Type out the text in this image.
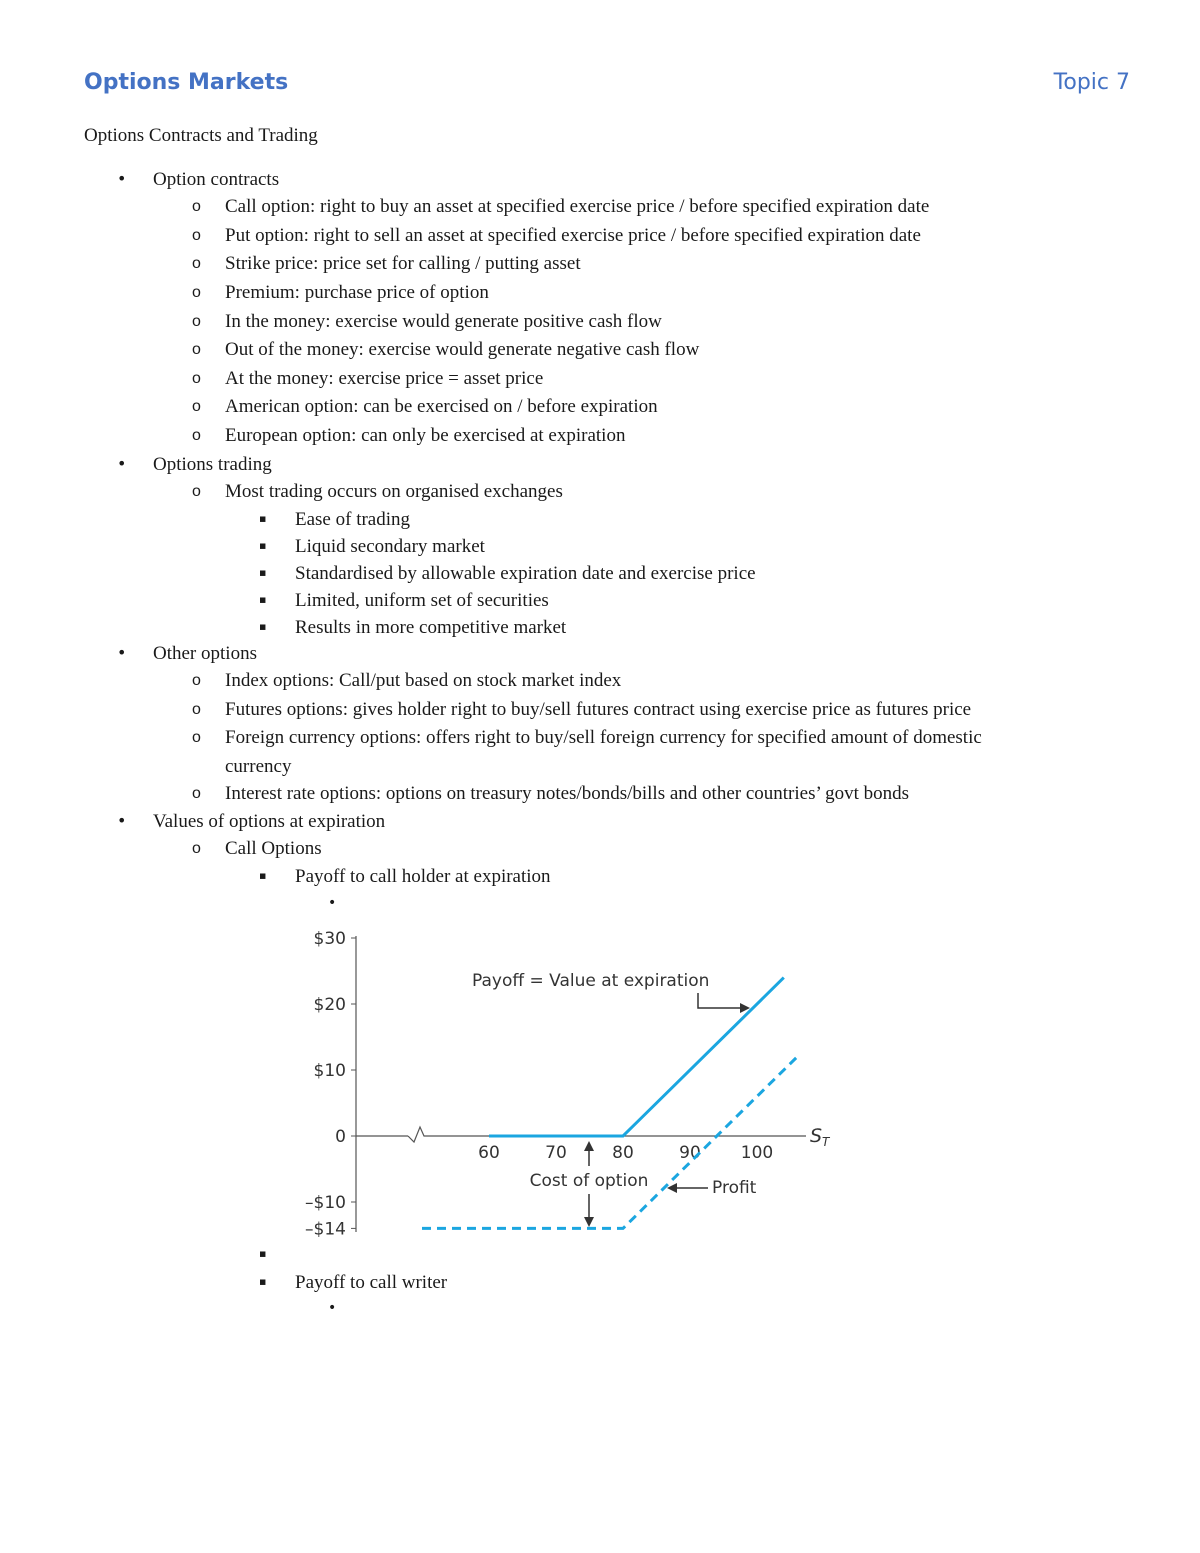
Options Markets	Topic 7
Options Contracts and Trading
• Option contracts
o Call option: right to buy an asset at specified exercise price / before specified expiration date
o Put option: right to sell an asset at specified exercise price / before specified expiration date
o Strike price: price set for calling / putting asset
o Premium: purchase price of option
o In the money: exercise would generate positive cash flow
o Out of the money: exercise would generate negative cash flow
o At the money: exercise price = asset price
o American option: can be exercised on / before expiration
o European option: can only be exercised at expiration
• Options trading
o Most trading occurs on organised exchanges
▪ Ease of trading
▪ Liquid secondary market
▪ Standardised by allowable expiration date and exercise price
▪ Limited, uniform set of securities
▪ Results in more competitive market
• Other options
o Index options: Call/put based on stock market index
o Futures options: gives holder right to buy/sell futures contract using exercise price as futures price
o Foreign currency options: offers right to buy/sell foreign currency for specified amount of domestic
currency
o Interest rate options: options on treasury notes/bonds/bills and other countries’ govt bonds
• Values of options at expiration
o Call Options
▪ Payoff to call holder at expiration
•
$30
$20
$10
0
–$10
–$14
60	70	80	90 100
S T
Payoff = Value at expiration
Cost of option	Profit
▪
▪ Payoff to call writer
•
